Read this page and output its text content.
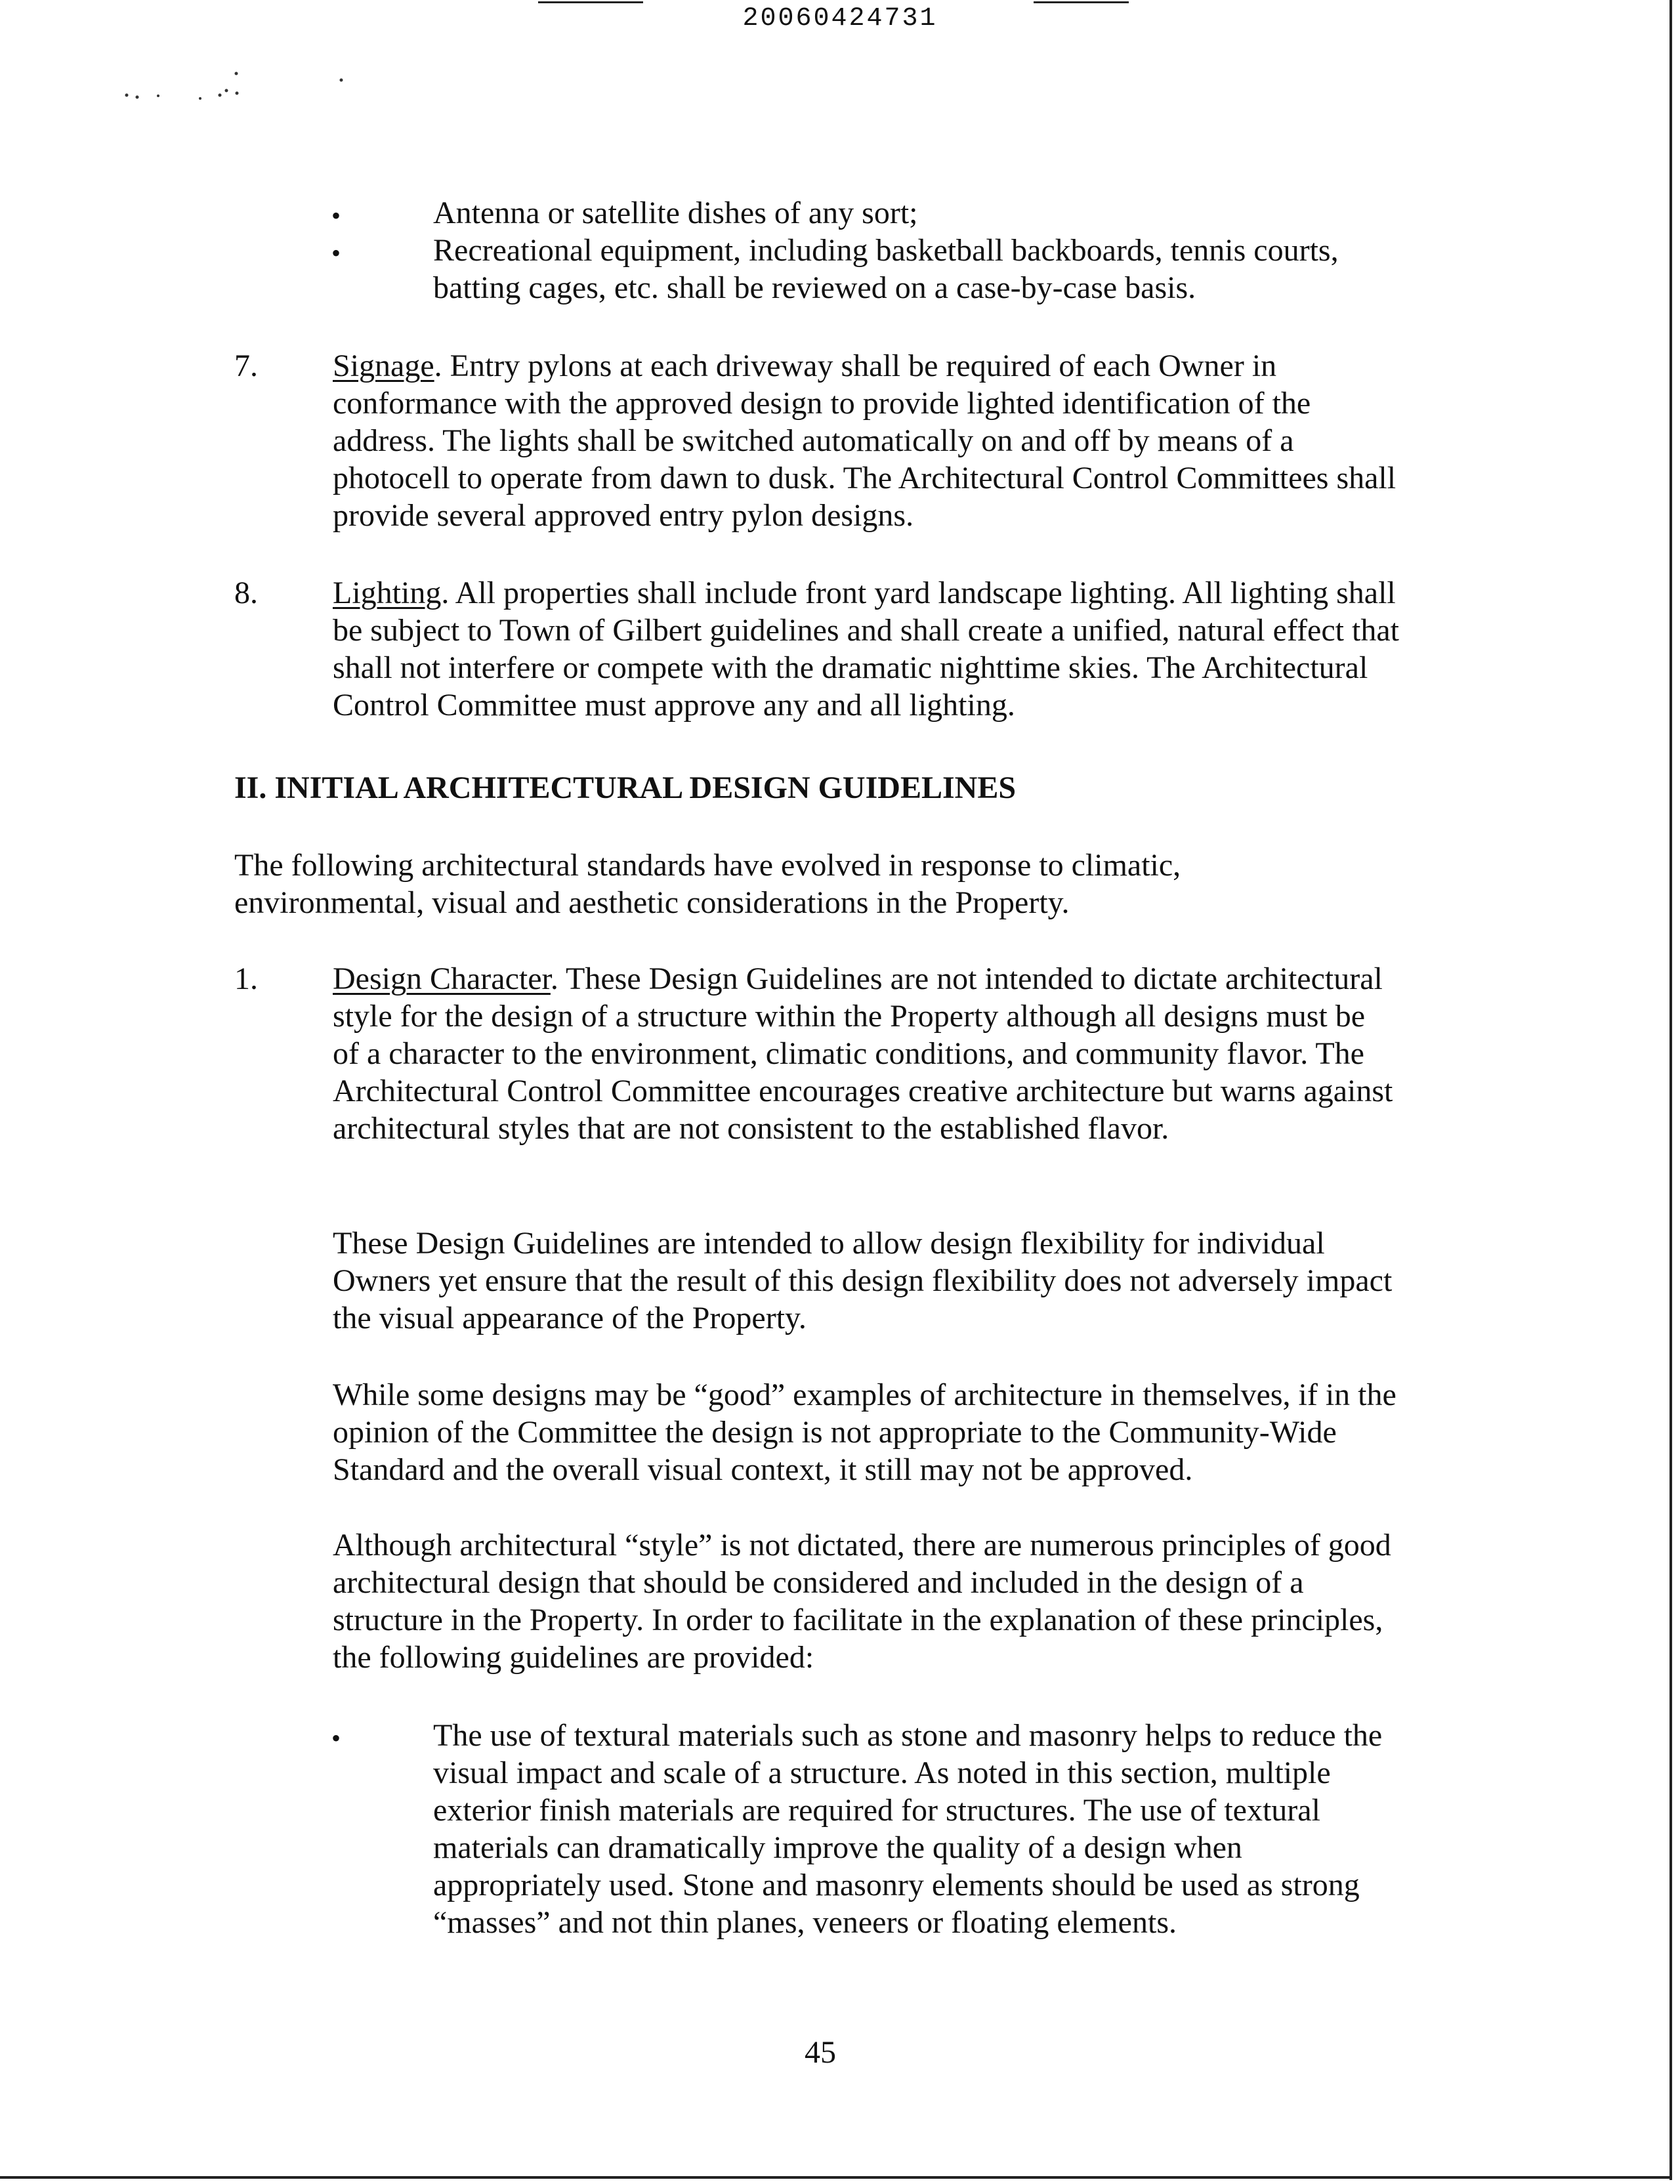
20060424731
•	Antenna or satellite dishes of any sort;
•	Recreational equipment, including basketball backboards, tennis courts, batting cages, etc. shall be reviewed on a case-by-case basis.
7. Signage. Entry pylons at each driveway shall be required of each Owner in conformance with the approved design to provide lighted identification of the address. The lights shall be switched automatically on and off by means of a photocell to operate from dawn to dusk. The Architectural Control Committees shall provide several approved entry pylon designs.
8. Lighting. All properties shall include front yard landscape lighting. All lighting shall be subject to Town of Gilbert guidelines and shall create a unified, natural effect that shall not interfere or compete with the dramatic nighttime skies. The Architectural Control Committee must approve any and all lighting.
II. INITIAL ARCHITECTURAL DESIGN GUIDELINES
The following architectural standards have evolved in response to climatic, environmental, visual and aesthetic considerations in the Property.
1. Design Character. These Design Guidelines are not intended to dictate architectural style for the design of a structure within the Property although all designs must be of a character to the environment, climatic conditions, and community flavor. The Architectural Control Committee encourages creative architecture but warns against architectural styles that are not consistent to the established flavor.
These Design Guidelines are intended to allow design flexibility for individual Owners yet ensure that the result of this design flexibility does not adversely impact the visual appearance of the Property.
While some designs may be “good” examples of architecture in themselves, if in the opinion of the Committee the design is not appropriate to the Community-Wide Standard and the overall visual context, it still may not be approved.
Although architectural “style” is not dictated, there are numerous principles of good architectural design that should be considered and included in the design of a structure in the Property. In order to facilitate in the explanation of these principles, the following guidelines are provided:
•	The use of textural materials such as stone and masonry helps to reduce the visual impact and scale of a structure. As noted in this section, multiple exterior finish materials are required for structures. The use of textural materials can dramatically improve the quality of a design when appropriately used. Stone and masonry elements should be used as strong “masses” and not thin planes, veneers or floating elements.
45
